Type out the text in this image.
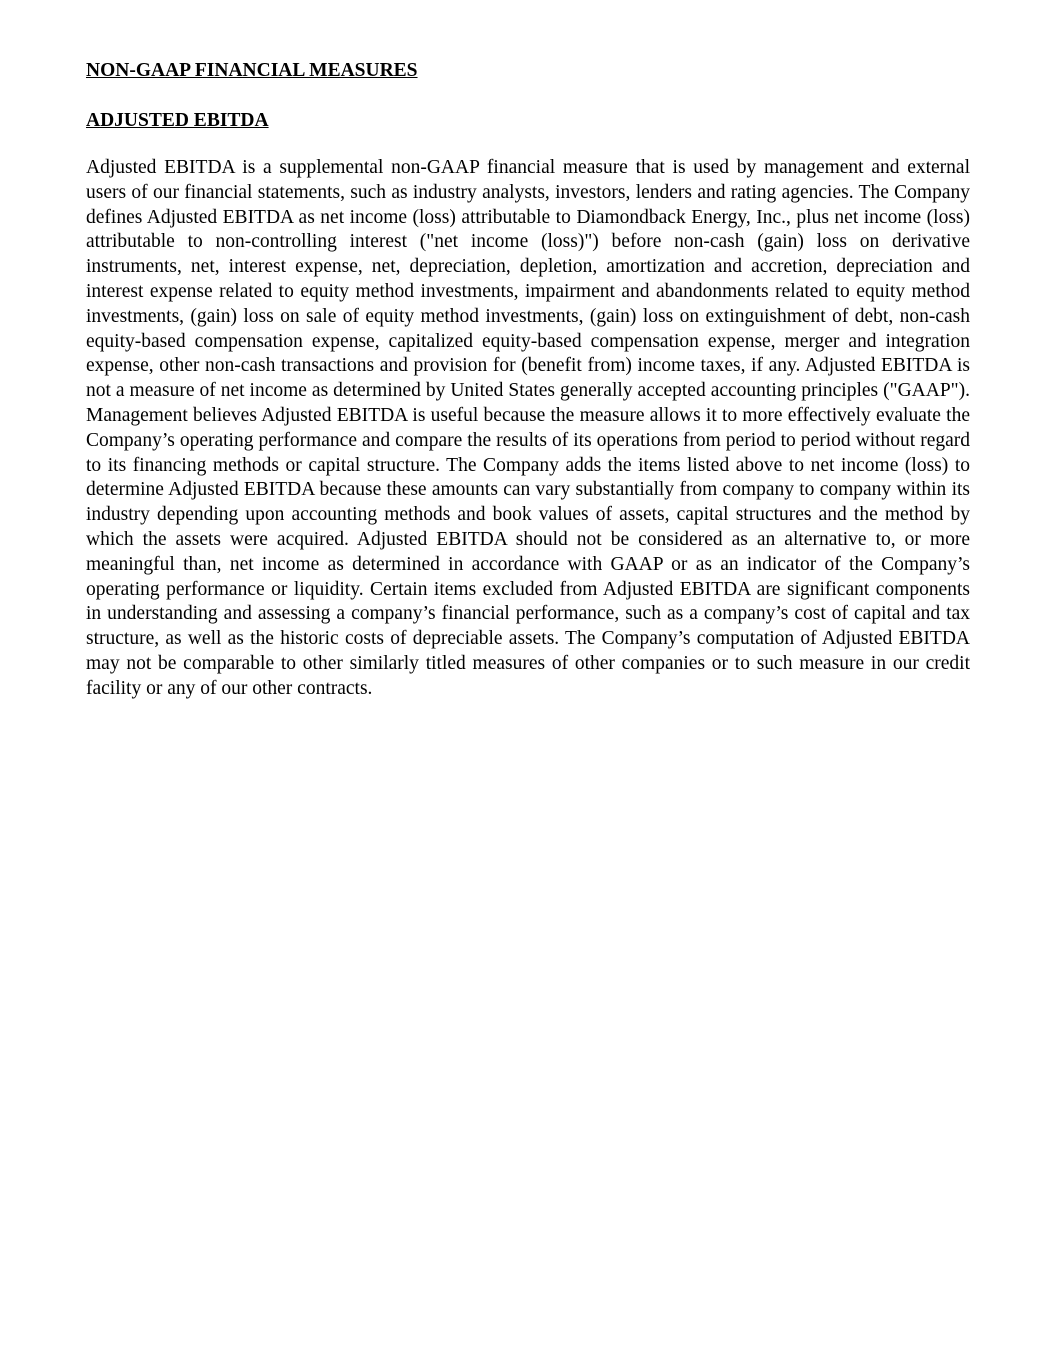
NON-GAAP FINANCIAL MEASURES
ADJUSTED EBITDA

Adjusted EBITDA is a supplemental non-GAAP financial measure that is used by management and external users of our financial statements, such as industry analysts, investors, lenders and rating agencies. The Company defines Adjusted EBITDA as net income (loss) attributable to Diamondback Energy, Inc., plus net income (loss) attributable to non-controlling interest ("net income (loss)") before non-cash (gain) loss on derivative instruments, net, interest expense, net, depreciation, depletion, amortization and accretion, depreciation and interest expense related to equity method investments, impairment and abandonments related to equity method investments, (gain) loss on sale of equity method investments, (gain) loss on extinguishment of debt, non-cash equity-based compensation expense, capitalized equity-based compensation expense, merger and integration expense, other non-cash transactions and provision for (benefit from) income taxes, if any. Adjusted EBITDA is not a measure of net income as determined by United States generally accepted accounting principles ("GAAP"). Management believes Adjusted EBITDA is useful because the measure allows it to more effectively evaluate the Company’s operating performance and compare the results of its operations from period to period without regard to its financing methods or capital structure. The Company adds the items listed above to net income (loss) to determine Adjusted EBITDA because these amounts can vary substantially from company to company within its industry depending upon accounting methods and book values of assets, capital structures and the method by which the assets were acquired. Adjusted EBITDA should not be considered as an alternative to, or more meaningful than, net income as determined in accordance with GAAP or as an indicator of the Company’s operating performance or liquidity. Certain items excluded from Adjusted EBITDA are significant components in understanding and assessing a company’s financial performance, such as a company’s cost of capital and tax structure, as well as the historic costs of depreciable assets. The Company’s computation of Adjusted EBITDA may not be comparable to other similarly titled measures of other companies or to such measure in our credit facility or any of our other contracts.
